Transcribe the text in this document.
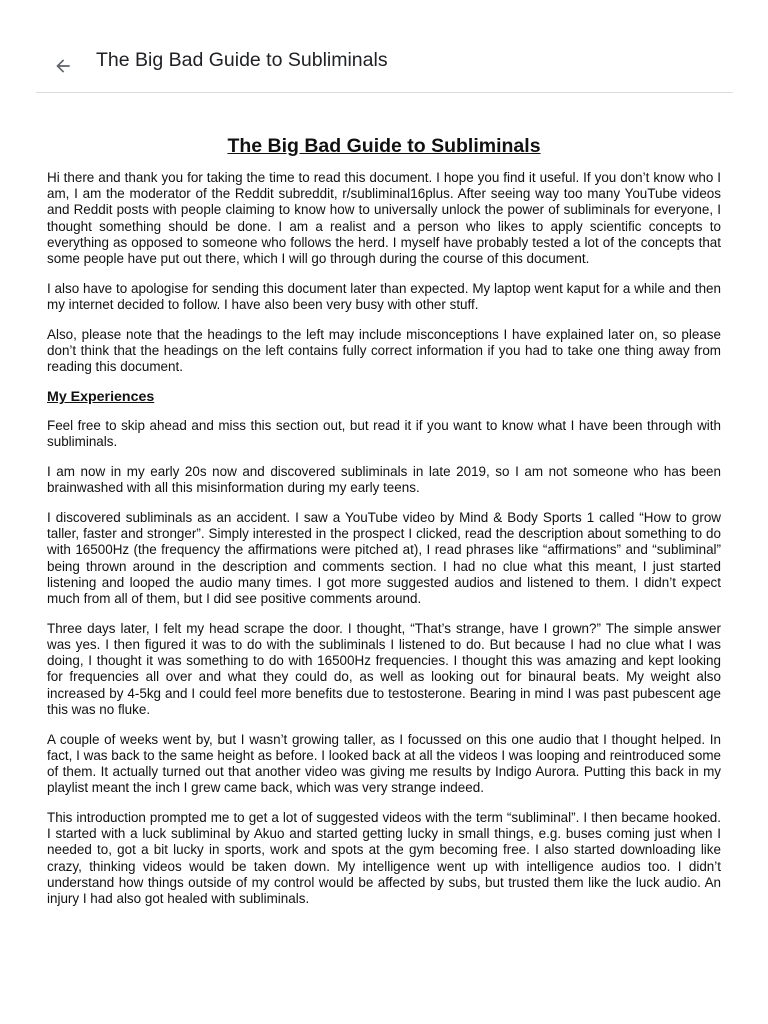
The Big Bad Guide to Subliminals
The Big Bad Guide to Subliminals

Hi there and thank you for taking the time to read this document. I hope you find it useful. If you don’t know who I am, I am the moderator of the Reddit subreddit, r/subliminal16plus. After seeing way too many YouTube videos and Reddit posts with people claiming to know how to universally unlock the power of subliminals for everyone, I thought something should be done. I am a realist and a person who likes to apply scientific concepts to everything as opposed to someone who follows the herd. I myself have probably tested a lot of the concepts that some people have put out there, which I will go through during the course of this document.

I also have to apologise for sending this document later than expected. My laptop went kaput for a while and then my internet decided to follow. I have also been very busy with other stuff.

Also, please note that the headings to the left may include misconceptions I have explained later on, so please don’t think that the headings on the left contains fully correct information if you had to take one thing away from reading this document.

My Experiences

Feel free to skip ahead and miss this section out, but read it if you want to know what I have been through with subliminals.

I am now in my early 20s now and discovered subliminals in late 2019, so I am not someone who has been brainwashed with all this misinformation during my early teens.

I discovered subliminals as an accident. I saw a YouTube video by Mind & Body Sports 1 called “How to grow taller, faster and stronger”. Simply interested in the prospect I clicked, read the description about something to do with 16500Hz (the frequency the affirmations were pitched at), I read phrases like “affirmations” and “subliminal” being thrown around in the description and comments section. I had no clue what this meant, I just started listening and looped the audio many times. I got more suggested audios and listened to them. I didn’t expect much from all of them, but I did see positive comments around.

Three days later, I felt my head scrape the door. I thought, “That’s strange, have I grown?” The simple answer was yes. I then figured it was to do with the subliminals I listened to do. But because I had no clue what I was doing, I thought it was something to do with 16500Hz frequencies. I thought this was amazing and kept looking for frequencies all over and what they could do, as well as looking out for binaural beats. My weight also increased by 4-5kg and I could feel more benefits due to testosterone. Bearing in mind I was past pubescent age this was no fluke.

A couple of weeks went by, but I wasn’t growing taller, as I focussed on this one audio that I thought helped. In fact, I was back to the same height as before. I looked back at all the videos I was looping and reintroduced some of them. It actually turned out that another video was giving me results by Indigo Aurora. Putting this back in my playlist meant the inch I grew came back, which was very strange indeed.

This introduction prompted me to get a lot of suggested videos with the term “subliminal”. I then became hooked. I started with a luck subliminal by Akuo and started getting lucky in small things, e.g. buses coming just when I needed to, got a bit lucky in sports, work and spots at the gym becoming free. I also started downloading like crazy, thinking videos would be taken down. My intelligence went up with intelligence audios too. I didn’t understand how things outside of my control would be affected by subs, but trusted them like the luck audio. An injury I had also got healed with subliminals.
